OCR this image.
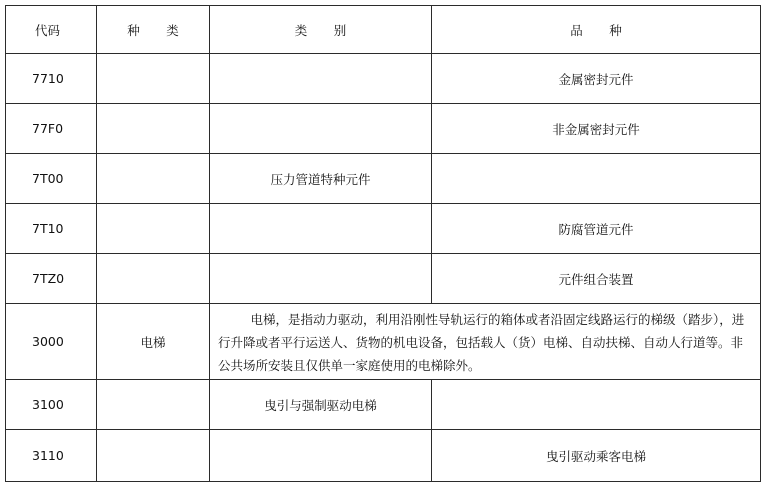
代码	种 类	类 别	品 种
7710			金属密封元件
77F0			非金属密封元件
7T00		压力管道特种元件	
7T10			防腐管道元件
7TZ0			元件组合装置
3000	电梯	电梯，是指动力驱动，利用沿刚性导轨运行的箱体或者沿固定线路运行的梯级（踏步），进行升降或者平行运送人、货物的机电设备，包括载人（货）电梯、自动扶梯、自动人行道等。非公共场所安装且仅供单一家庭使用的电梯除外。	

3100		曳引与强制驱动电梯	
3110			曳引驱动乘客电梯
